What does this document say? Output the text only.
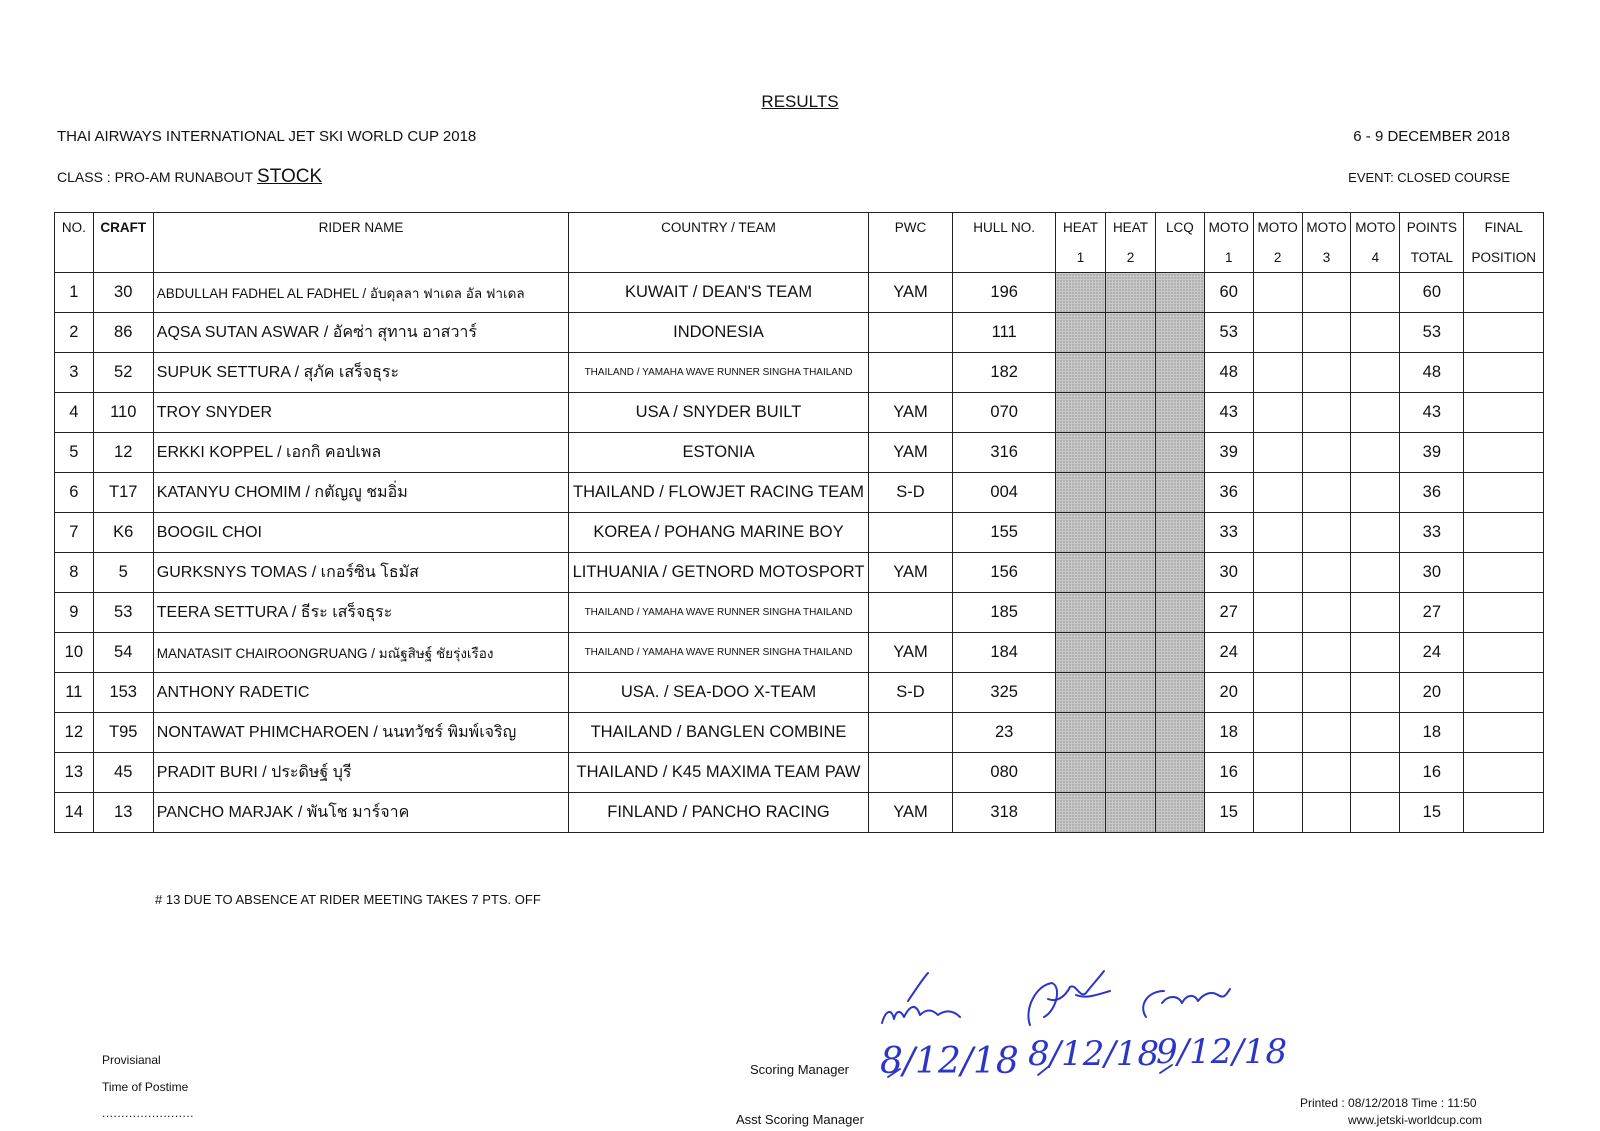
RESULTS
THAI AIRWAYS INTERNATIONAL JET SKI WORLD CUP 2018	6 - 9 DECEMBER 2018
CLASS : PRO-AM RUNABOUT STOCK	EVENT: CLOSED COURSE
NO.	CRAFT	RIDER NAME	COUNTRY / TEAM	PWC	HULL NO.	HEAT	HEAT	LCQ	MOTO	MOTO	MOTO	MOTO	POINTS	FINAL
						1	2		1	2	3	4	TOTAL	POSITION
1	30	ABDULLAH FADHEL AL FADHEL / อับดุลลา ฟาเดล อัล ฟาเดล	KUWAIT / DEAN'S TEAM	YAM	196				60				60	
2	86	AQSA SUTAN ASWAR / อัคซ่า สุทาน อาสวาร์	INDONESIA		111				53				53	
3	52	SUPUK SETTURA / สุภัค เสร็จธุระ	THAILAND / YAMAHA WAVE RUNNER SINGHA THAILAND		182				48				48	
4	110	TROY SNYDER	USA / SNYDER BUILT	YAM	070				43				43	
5	12	ERKKI KOPPEL / เอกกิ คอปเพล	ESTONIA	YAM	316				39				39	
6	T17	KATANYU CHOMIM / กตัญญู ชมอิ่ม	THAILAND / FLOWJET RACING TEAM	S-D	004				36				36	
7	K6	BOOGIL CHOI	KOREA / POHANG MARINE BOY		155				33				33	
8	5	GURKSNYS TOMAS / เกอร์ซิน โธมัส	LITHUANIA / GETNORD MOTOSPORT	YAM	156				30				30	
9	53	TEERA SETTURA / ธีระ เสร็จธุระ	THAILAND / YAMAHA WAVE RUNNER SINGHA THAILAND		185				27				27	
10	54	MANATASIT CHAIROONGRUANG / มณัฐสิษฐ์ ชัยรุ่งเรือง	THAILAND / YAMAHA WAVE RUNNER SINGHA THAILAND	YAM	184				24				24	
11	153	ANTHONY RADETIC	USA. / SEA-DOO X-TEAM	S-D	325				20				20	
12	T95	NONTAWAT PHIMCHAROEN / นนทวัชร์ พิมพ์เจริญ	THAILAND / BANGLEN COMBINE		23				18				18	
13	45	PRADIT BURI / ประดิษฐ์ บุรี	THAILAND / K45 MAXIMA TEAM PAW		080				16				16	
14	13	PANCHO MARJAK / พันโช มาร์จาค	FINLAND / PANCHO RACING	YAM	318				15				15	
# 13 DUE TO ABSENCE AT RIDER MEETING TAKES 7 PTS. OFF
Provisianal
Time of Postime
........................
Scoring Manager
Asst Scoring Manager
Printed : 08/12/2018 Time : 11:50
www.jetski-worldcup.com
8/12/18 8/12/18
9/12/18
